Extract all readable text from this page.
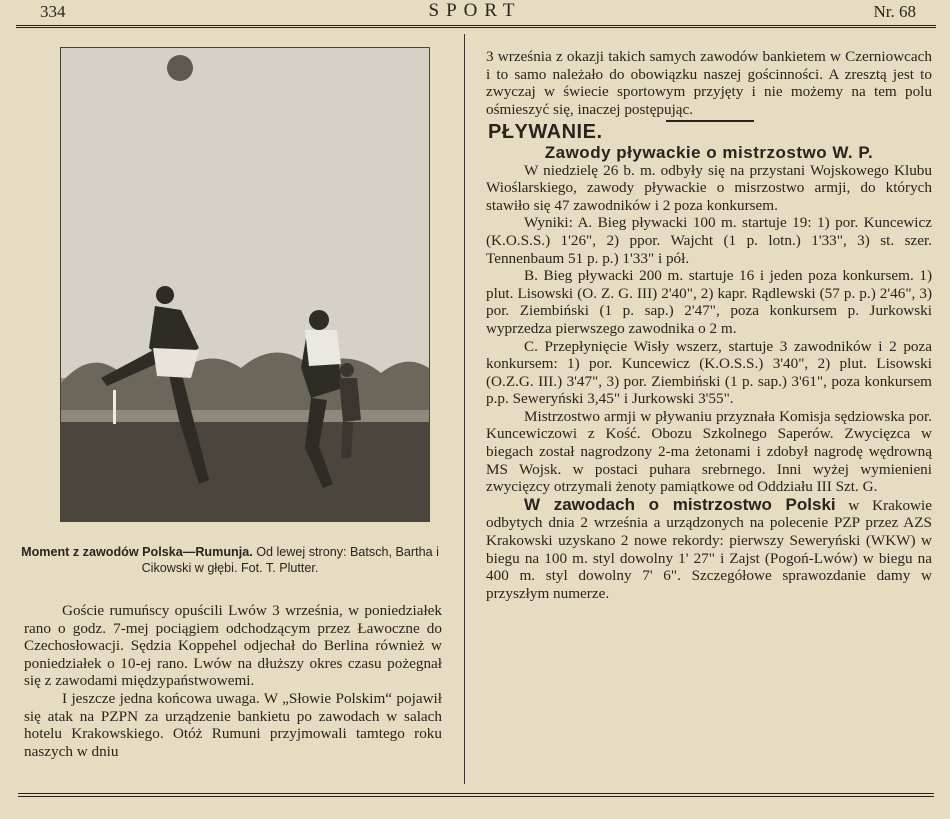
334	SPORT	Nr. 68
Moment z zawodów Polska—Rumunja. Od lewej strony: Batsch, Bartha i Cikowski w głębi. Fot. T. Plutter.

Goście rumuńscy opuścili Lwów 3 września, w poniedziałek rano o godz. 7-mej pociągiem odchodzącym przez Ławoczne do Czechosłowacji. Sędzia Koppehel odjechał do Berlina również w poniedziałek o 10-ej rano. Lwów na dłuższy okres czasu pożegnał się z zawodami międzypaństwowemi.

I jeszcze jedna końcowa uwaga. W „Słowie Polskim“ pojawił się atak na PZPN za urządzenie bankietu po zawodach w salach hotelu Krakowskiego. Otóż Rumuni przyjmowali tamtego roku naszych w dniu

3 września z okazji takich samych zawodów bankietem w Czerniowcach i to samo należało do obowiązku naszej gościnności. A zresztą jest to zwyczaj w świecie sportowym przyjęty i nie możemy na tem polu ośmieszyć się, inaczej postępując.

PŁYWANIE.
Zawody pływackie o mistrzostwo W. P.

W niedzielę 26 b. m. odbyły się na przystani Wojskowego Klubu Wioślarskiego, zawody pływackie o misrzostwo armji, do których stawiło się 47 zawodników i 2 poza konkursem.

Wyniki: A. Bieg pływacki 100 m. startuje 19: 1) por. Kuncewicz (K.O.S.S.) 1'26", 2) ppor. Wajcht (1 p. lotn.) 1'33", 3) st. szer. Tennenbaum 51 p. p.) 1'33" i pół.

B. Bieg pływacki 200 m. startuje 16 i jeden poza konkursem. 1) plut. Lisowski (O. Z. G. III) 2'40", 2) kapr. Rądlewski (57 p. p.) 2'46", 3) por. Ziembiński (1 p. sap.) 2'47", poza konkursem p. Jurkowski wyprzedza pierwszego zawodnika o 2 m.

C. Przepłynięcie Wisły wszerz, startuje 3 zawodników i 2 poza konkursem: 1) por. Kuncewicz (K.O.S.S.) 3'40", 2) plut. Lisowski (O.Z.G. III.) 3'47", 3) por. Ziembiński (1 p. sap.) 3'61", poza konkursem p.p. Seweryński 3,45" i Jurkowski 3'55".

Mistrzostwo armji w pływaniu przyznała Komisja sędziowska por. Kuncewiczowi z Kość. Obozu Szkolnego Saperów. Zwycięzca w biegach został nagrodzony 2-ma żetonami i zdobył nagrodę wędrowną MS Wojsk. w postaci puhara srebrnego. Inni wyżej wymienieni zwycięzcy otrzymali żenoty pamiątkowe od Oddziału III Szt. G.

W zawodach o mistrzostwo Polski w Krakowie odbytych dnia 2 września a urządzonych na polecenie PZP przez AZS Krakowski uzyskano 2 nowe rekordy: pierwszy Seweryński (WKW) w biegu na 100 m. styl dowolny 1' 27" i Zajst (Pogoń-Lwów) w biegu na 400 m. styl dowolny 7' 6". Szczegółowe sprawozdanie damy w przyszłym numerze.
